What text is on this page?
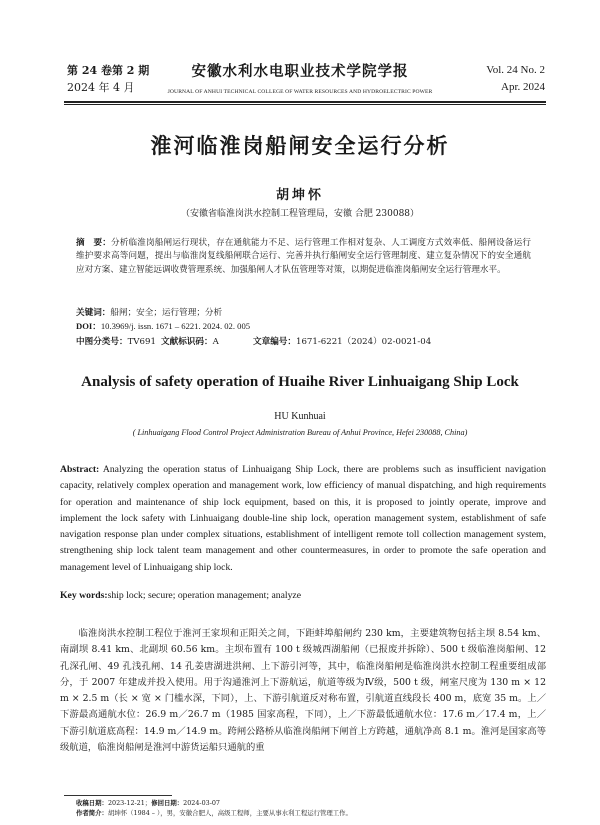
第 24 卷第 2 期
2024 年 4 月
安徽水利水电职业技术学院学报
JOURNAL OF ANHUI TECHNICAL COLLEGE OF WATER RESOURCES AND HYDROELECTRIC POWER
Vol. 24 No. 2
Apr. 2024
淮河临淮岗船闸安全运行分析
胡坤怀
（安徽省临淮岗洪水控制工程管理局，安徽 合肥 230088）
摘　要：分析临淮岗船闸运行现状，存在通航能力不足、运行管理工作相对复杂、人工调度方式效率低、船闸设备运行维护要求高等问题，提出与临淮岗复线船闸联合运行、完善并执行船闸安全运行管理制度、建立复杂情况下的安全通航应对方案、建立智能远调收费管理系统、加强船闸人才队伍管理等对策，以期促进临淮岗船闸安全运行管理水平。
关键词：船闸；安全；运行管理；分析
DOI：10.3969/j. issn. 1671 – 6221. 2024. 02. 005
中图分类号：TV691 文献标识码：A	文章编号：1671-6221（2024）02-0021-04
Analysis of safety operation of Huaihe River Linhuaigang Ship Lock
HU Kunhuai
( Linhuaigang Flood Control Project Administration Bureau of Anhui Province, Hefei 230088, China)
Abstract: Analyzing the operation status of Linhuaigang Ship Lock, there are problems such as insufficient navigation capacity, relatively complex operation and management work, low efficiency of manual dispatching, and high requirements for operation and maintenance of ship lock equipment, based on this, it is proposed to jointly operate, improve and implement the lock safety with Linhuaigang double-line ship lock, operation management system, establishment of safe navigation response plan under complex situations, establishment of intelligent remote toll collection management system, strengthening ship lock talent team management and other countermeasures, in order to promote the safe operation and management level of Linhuaigang ship lock.
Key words:ship lock; secure; operation management; analyze
临淮岗洪水控制工程位于淮河王家坝和正阳关之间，下距蚌埠船闸约 230 km，主要建筑物包括主坝 8.54 km、南副坝 8.41 km、北副坝 60.56 km。主坝布置有 100 t 级城西湖船闸（已报废并拆除）、500 t 级临淮岗船闸、12 孔深孔闸、49 孔浅孔闸、14 孔姜唐湖进洪闸、上下游引河等，其中，临淮岗船闸是临淮岗洪水控制工程重要组成部分，于 2007 年建成并投入使用。用于沟通淮河上下游航运，航道等级为Ⅳ级，500 t 级，闸室尺度为 130 m × 12 m × 2.5 m（长 × 宽 × 门槛水深，下同），上、下游引航道反对称布置，引航道直线段长 400 m，底宽 35 m。上／下游最高通航水位：26.9 m／26.7 m（1985 国家高程，下同），上／下游最低通航水位：17.6 m／17.4 m，上／下游引航道底高程：14.9 m／14.9 m。跨闸公路桥从临淮岗船闸下闸首上方跨越，通航净高 8.1 m。淮河是国家高等级航道，临淮岗船闸是淮河中游货运船只通航的重
收稿日期：2023-12-21；修回日期：2024-03-07
作者简介：胡坤怀（1984 – ），男，安徽合肥人，高级工程师，主要从事水利工程运行管理工作。
